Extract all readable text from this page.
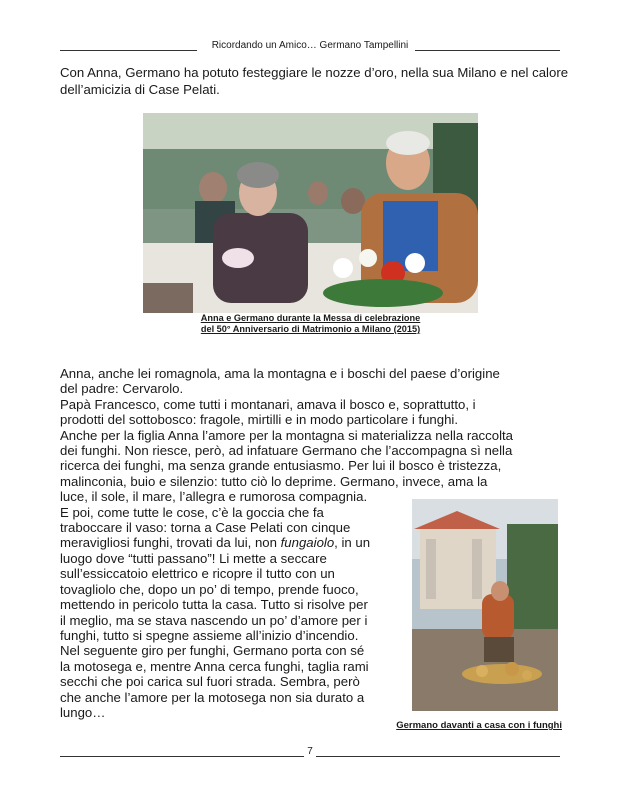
Ricordando un Amico… Germano Tampellini
Con Anna, Germano ha potuto festeggiare le nozze d’oro, nella sua Milano e nel calore dell’amicizia di Case Pelati.
Anna e Germano durante la Messa di celebrazione
del 50° Anniversario di Matrimonio a Milano (2015)

Anna, anche lei romagnola, ama la montagna e i boschi del paese d’origine

del padre: Cervarolo.

Papà Francesco, come tutti i montanari, amava il bosco e, soprattutto, i

prodotti del sottobosco: fragole, mirtilli e in modo particolare i funghi.

Anche per la figlia Anna l’amore per la montagna si materializza nella raccolta

dei funghi. Non riesce, però, ad infatuare Germano che l’accompagna sì nella

ricerca dei funghi, ma senza grande entusiasmo. Per lui il bosco è tristezza,

malinconia, buio e silenzio: tutto ciò lo deprime. Germano, invece, ama la

luce, il sole, il mare, l’allegra e rumorosa compagnia.

E poi, come tutte le cose, c’è la goccia che fa

traboccare il vaso: torna a Case Pelati con cinque

meravigliosi funghi, trovati da lui, non fungaiolo, in un

luogo dove “tutti passano”! Li mette a seccare

sull’essiccatoio elettrico e ricopre il tutto con un

tovagliolo che, dopo un po’ di tempo, prende fuoco,

mettendo in pericolo tutta la casa. Tutto si risolve per

il meglio, ma se stava nascendo un po’ d’amore per i

funghi, tutto si spegne assieme all’inizio d’incendio.

Nel seguente giro per funghi, Germano porta con sé

la motosega e, mentre Anna cerca funghi, taglia rami

secchi che poi carica sul fuori strada. Sembra, però

che anche l’amore per la motosega non sia durato a

lungo…

Germano davanti a casa con i funghi
7
